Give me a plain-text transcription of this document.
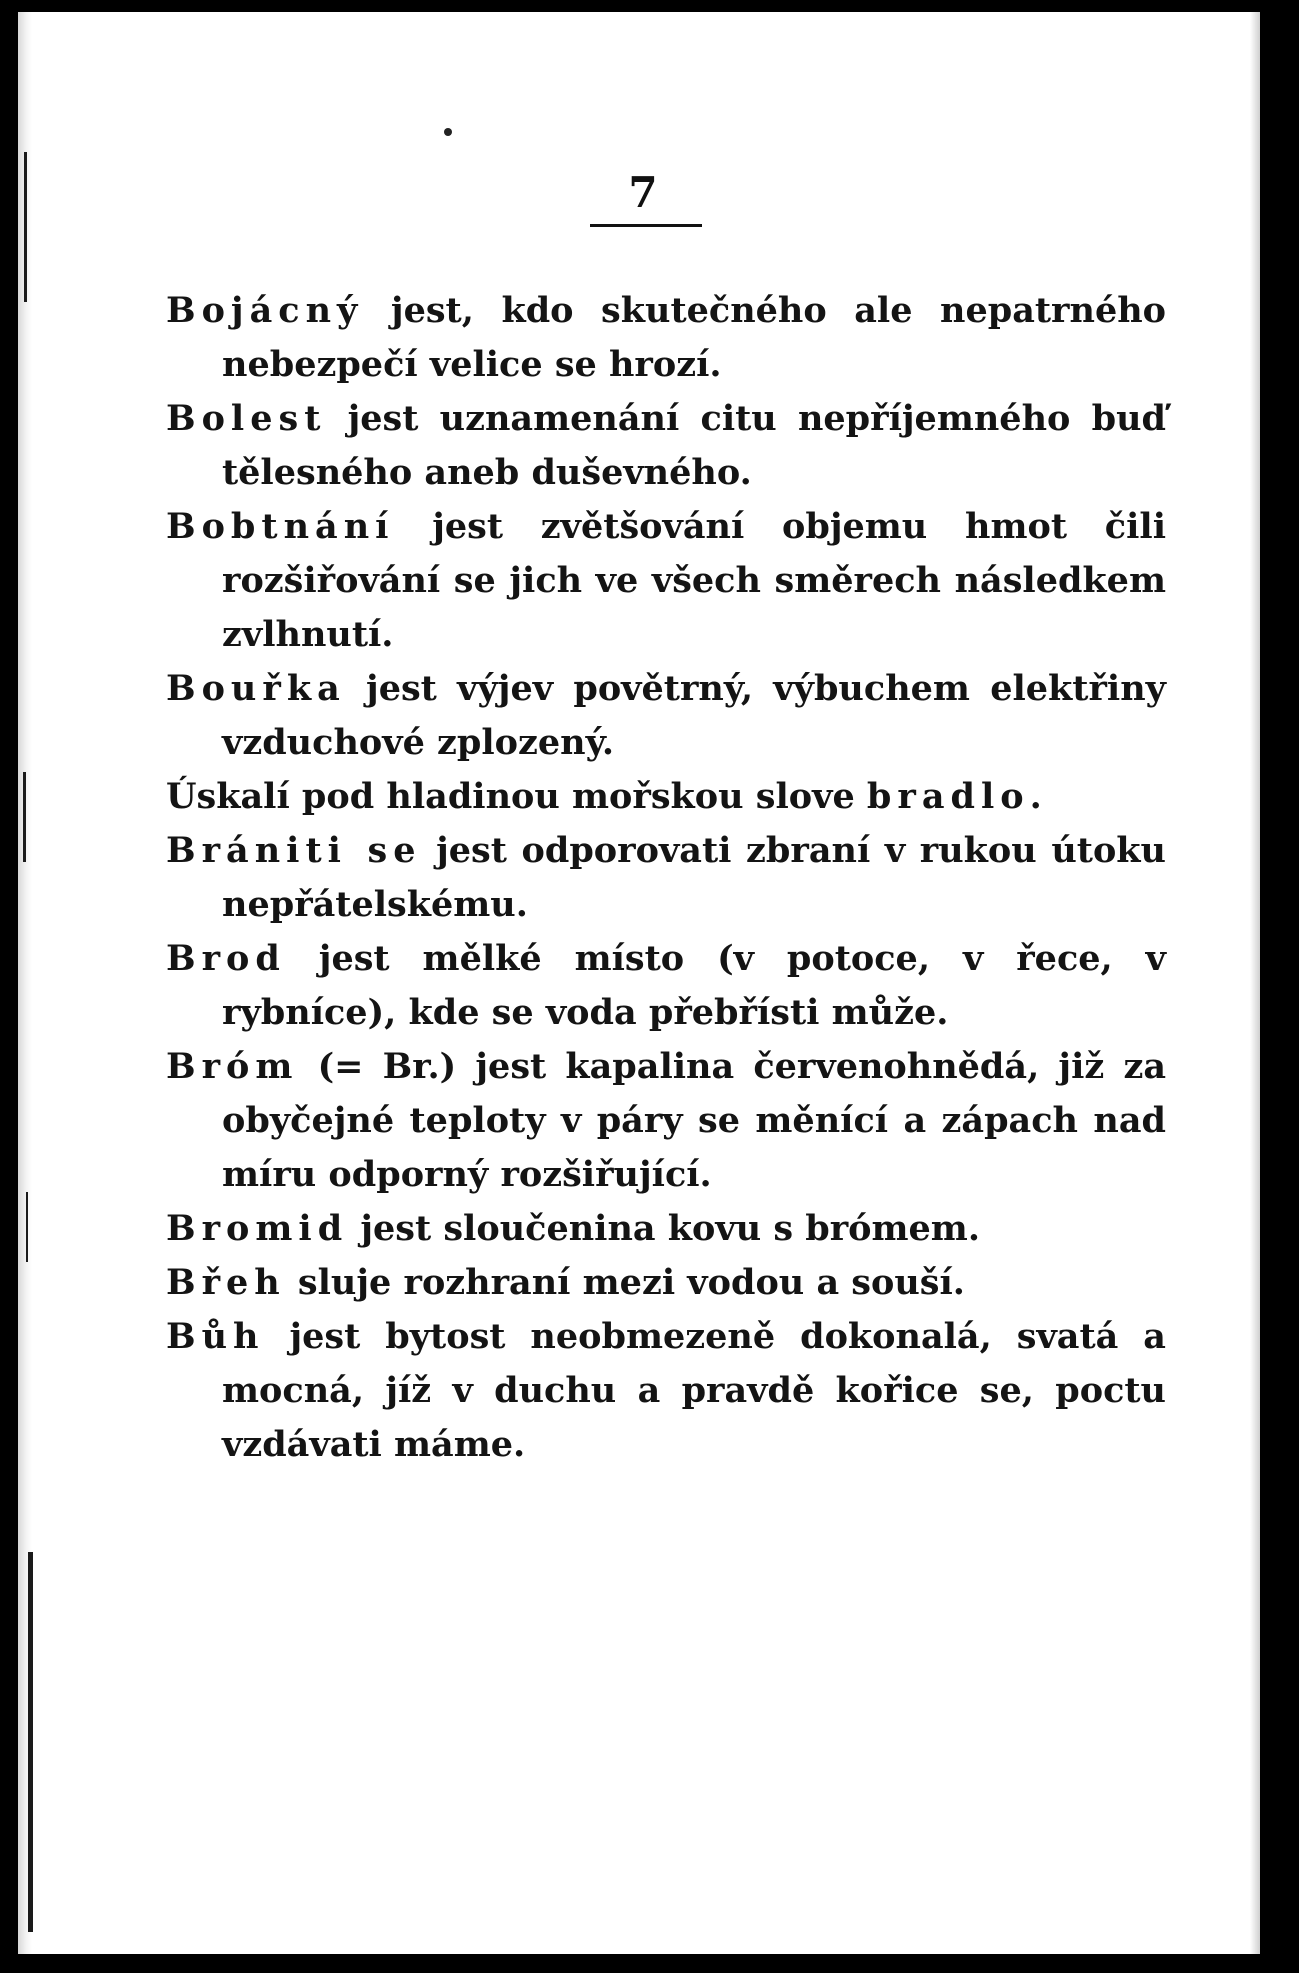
7

Bojácný jest, kdo skutečného ale nepatrného nebezpečí velice se hrozí.

Bolest jest uznamenání citu nepříjemného buď tělesného aneb duševného.

Bobtnání jest zvětšování objemu hmot čili rozšiřování se jich ve všech směrech následkem zvlhnutí.

Bouřka jest výjev povětrný, výbuchem elektřiny vzduchové zplozený.

Úskalí pod hladinou mořskou slove bradlo.

Brániti se jest odporovati zbraní v rukou útoku nepřátelskému.

Brod jest mělké místo (v potoce, v řece, v rybníce), kde se voda přebřísti může.

Bróm (= Br.) jest kapalina červenohnědá, již za obyčejné teploty v páry se měnící a zápach nad míru odporný rozšiřující.

Bromid jest sloučenina kovu s brómem.

Břeh sluje rozhraní mezi vodou a souší.

Bůh jest bytost neobmezeně dokonalá, svatá a mocná, jíž v duchu a pravdě kořice se, poctu vzdávati máme.
